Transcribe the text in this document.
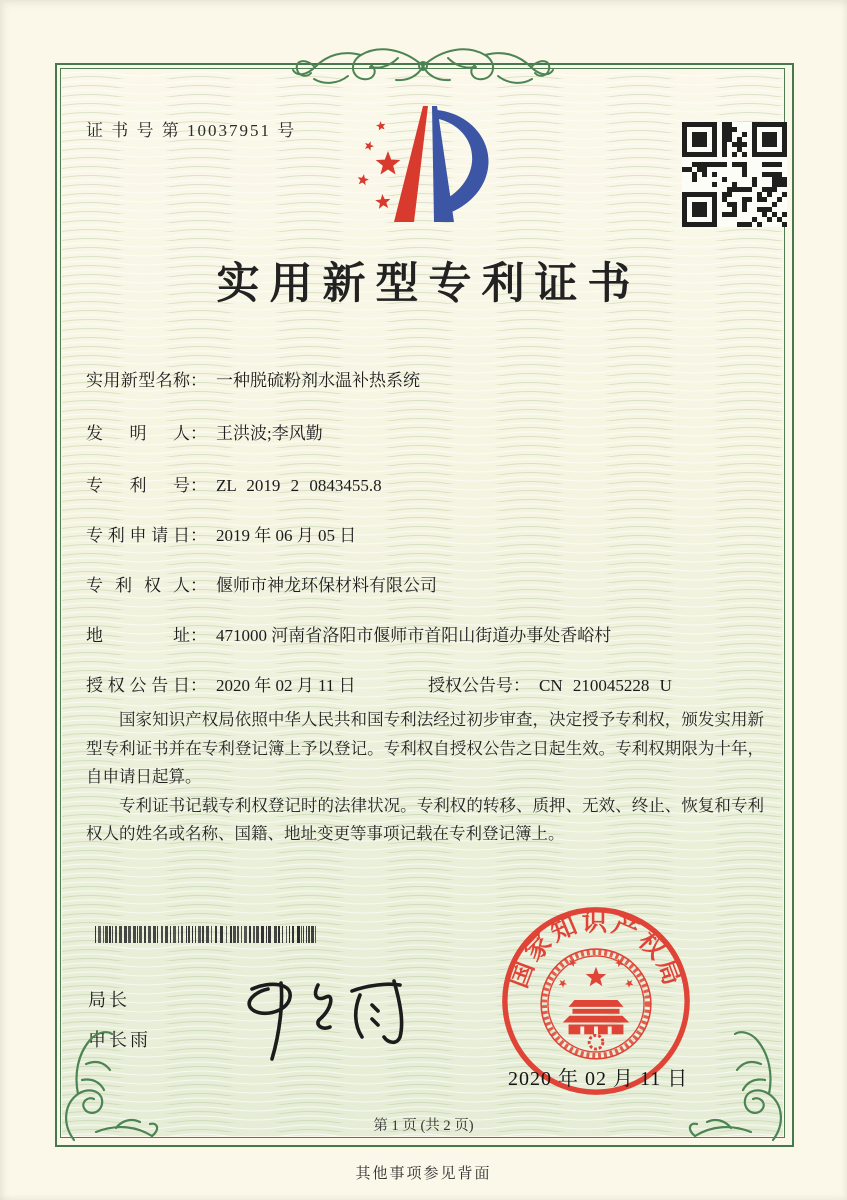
证 书 号 第 10037951 号
实用新型专利证书
实用新型名称： 一种脱硫粉剂水温补热系统
发明人： 王洪波;李风勤
专利号： ZL 2019 2 0843455.8
专利申请日： 2019 年 06 月 05 日
专利权人： 偃师市神龙环保材料有限公司
地址： 471000 河南省洛阳市偃师市首阳山街道办事处香峪村
授权公告日： 2020 年 02 月 11 日	授权公告号： CN 210045228 U

国家知识产权局依照中华人民共和国专利法经过初步审查，决定授予专利权，颁发实用新型专利证书并在专利登记簿上予以登记。专利权自授权公告之日起生效。专利权期限为十年，自申请日起算。

专利证书记载专利权登记时的法律状况。专利权的转移、质押、无效、终止、恢复和专利权人的姓名或名称、国籍、地址变更等事项记载在专利登记簿上。

局长
申长雨
国家知识产权局
2020 年 02 月 11 日
第 1 页 (共 2 页)
其他事项参见背面
